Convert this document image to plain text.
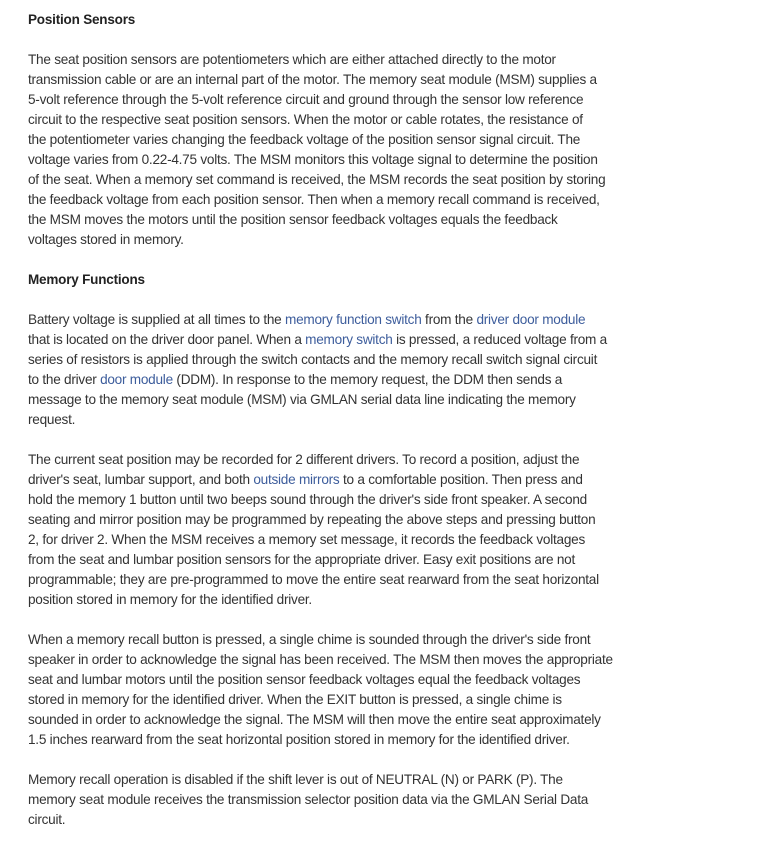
Position Sensors
The seat position sensors are potentiometers which are either attached directly to the motor
transmission cable or are an internal part of the motor. The memory seat module (MSM) supplies a
5-volt reference through the 5-volt reference circuit and ground through the sensor low reference
circuit to the respective seat position sensors. When the motor or cable rotates, the resistance of
the potentiometer varies changing the feedback voltage of the position sensor signal circuit. The
voltage varies from 0.22-4.75 volts. The MSM monitors this voltage signal to determine the position
of the seat. When a memory set command is received, the MSM records the seat position by storing
the feedback voltage from each position sensor. Then when a memory recall command is received,
the MSM moves the motors until the position sensor feedback voltages equals the feedback
voltages stored in memory.
Memory Functions
Battery voltage is supplied at all times to the memory function switch from the driver door module
that is located on the driver door panel. When a memory switch is pressed, a reduced voltage from a
series of resistors is applied through the switch contacts and the memory recall switch signal circuit
to the driver door module (DDM). In response to the memory request, the DDM then sends a
message to the memory seat module (MSM) via GMLAN serial data line indicating the memory
request.
The current seat position may be recorded for 2 different drivers. To record a position, adjust the
driver's seat, lumbar support, and both outside mirrors to a comfortable position. Then press and
hold the memory 1 button until two beeps sound through the driver's side front speaker. A second
seating and mirror position may be programmed by repeating the above steps and pressing button
2, for driver 2. When the MSM receives a memory set message, it records the feedback voltages
from the seat and lumbar position sensors for the appropriate driver. Easy exit positions are not
programmable; they are pre-programmed to move the entire seat rearward from the seat horizontal
position stored in memory for the identified driver.
When a memory recall button is pressed, a single chime is sounded through the driver's side front
speaker in order to acknowledge the signal has been received. The MSM then moves the appropriate
seat and lumbar motors until the position sensor feedback voltages equal the feedback voltages
stored in memory for the identified driver. When the EXIT button is pressed, a single chime is
sounded in order to acknowledge the signal. The MSM will then move the entire seat approximately
1.5 inches rearward from the seat horizontal position stored in memory for the identified driver.
Memory recall operation is disabled if the shift lever is out of NEUTRAL (N) or PARK (P). The
memory seat module receives the transmission selector position data via the GMLAN Serial Data
circuit.
